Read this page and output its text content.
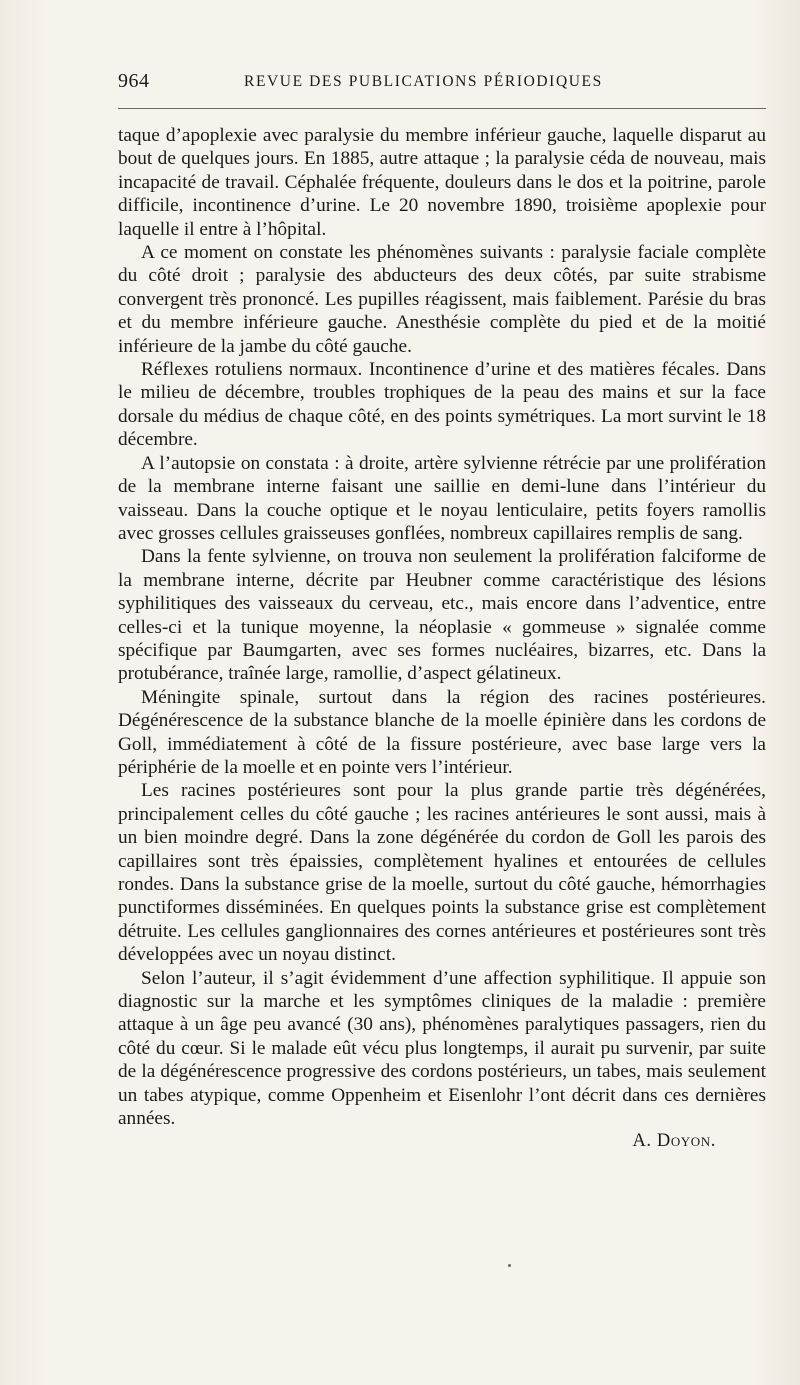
964	REVUE DES PUBLICATIONS PÉRIODIQUES

taque d’apoplexie avec paralysie du membre inférieur gauche, laquelle disparut au bout de quelques jours. En 1885, autre attaque ; la paralysie céda de nouveau, mais incapacité de travail. Céphalée fréquente, douleurs dans le dos et la poitrine, parole difficile, incontinence d’urine. Le 20 novembre 1890, troisième apoplexie pour laquelle il entre à l’hôpital.

A ce moment on constate les phénomènes suivants : paralysie faciale complète du côté droit ; paralysie des abducteurs des deux côtés, par suite strabisme convergent très prononcé. Les pupilles réagissent, mais faiblement. Parésie du bras et du membre inférieure gauche. Anesthésie complète du pied et de la moitié inférieure de la jambe du côté gauche.

Réflexes rotuliens normaux. Incontinence d’urine et des matières fécales. Dans le milieu de décembre, troubles trophiques de la peau des mains et sur la face dorsale du médius de chaque côté, en des points symétriques. La mort survint le 18 décembre.

A l’autopsie on constata : à droite, artère sylvienne rétrécie par une prolifération de la membrane interne faisant une saillie en demi-lune dans l’intérieur du vaisseau. Dans la couche optique et le noyau lenticulaire, petits foyers ramollis avec grosses cellules graisseuses gonflées, nombreux capillaires remplis de sang.

Dans la fente sylvienne, on trouva non seulement la prolifération falciforme de la membrane interne, décrite par Heubner comme caractéristique des lésions syphilitiques des vaisseaux du cerveau, etc., mais encore dans l’adventice, entre celles-ci et la tunique moyenne, la néoplasie « gommeuse » signalée comme spécifique par Baumgarten, avec ses formes nucléaires, bizarres, etc. Dans la protubérance, traînée large, ramollie, d’aspect gélatineux.

Méningite spinale, surtout dans la région des racines postérieures. Dégénérescence de la substance blanche de la moelle épinière dans les cordons de Goll, immédiatement à côté de la fissure postérieure, avec base large vers la périphérie de la moelle et en pointe vers l’intérieur.

Les racines postérieures sont pour la plus grande partie très dégénérées, principalement celles du côté gauche ; les racines antérieures le sont aussi, mais à un bien moindre degré. Dans la zone dégénérée du cordon de Goll les parois des capillaires sont très épaissies, complètement hyalines et entourées de cellules rondes. Dans la substance grise de la moelle, surtout du côté gauche, hémorrhagies punctiformes disséminées. En quelques points la substance grise est complètement détruite. Les cellules ganglionnaires des cornes antérieures et postérieures sont très développées avec un noyau distinct.

Selon l’auteur, il s’agit évidemment d’une affection syphilitique. Il appuie son diagnostic sur la marche et les symptômes cliniques de la maladie : première attaque à un âge peu avancé (30 ans), phénomènes paralytiques passagers, rien du côté du cœur. Si le malade eût vécu plus longtemps, il aurait pu survenir, par suite de la dégénérescence progressive des cordons postérieurs, un tabes, mais seulement un tabes atypique, comme Oppenheim et Eisenlohr l’ont décrit dans ces dernières années.

A. Doyon.
